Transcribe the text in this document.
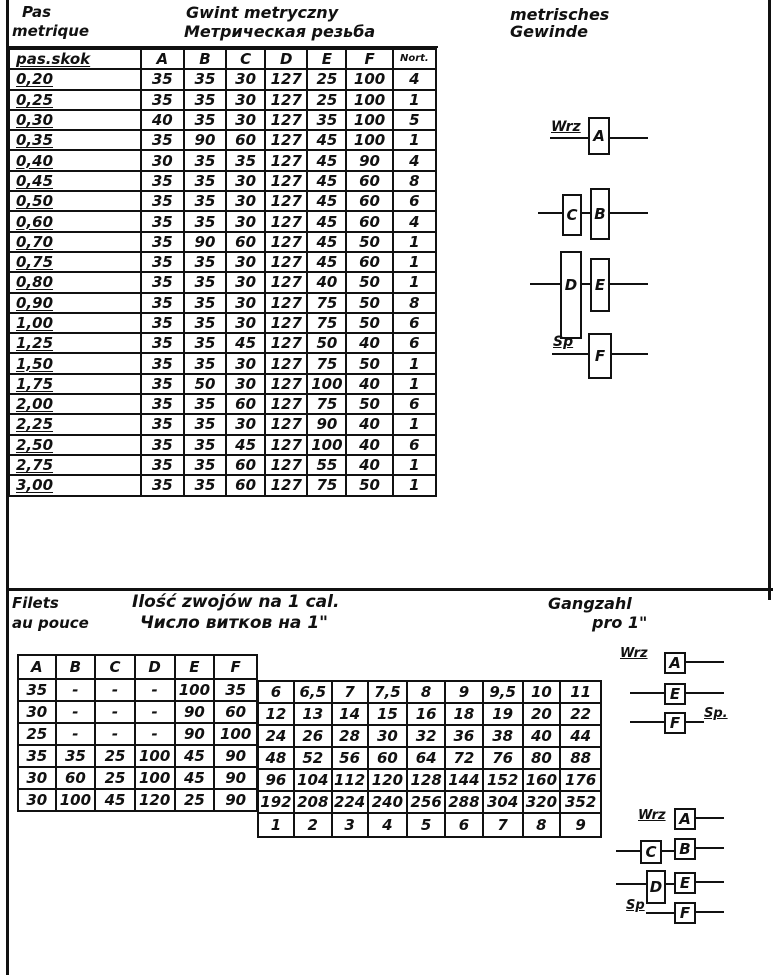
Pas
metrique
Gwint metryczny
Метрическая резьба
metrisches
Gewinde
pas.skok	A	B	C	D	E	F	Nort.
0,20	35	35	30	127	25	100	4
0,25	35	35	30	127	25	100	1
0,30	40	35	30	127	35	100	5
0,35	35	90	60	127	45	100	1
0,40	30	35	35	127	45	90	4
0,45	35	35	30	127	45	60	8
0,50	35	35	30	127	45	60	6
0,60	35	35	30	127	45	60	4
0,70	35	90	60	127	45	50	1
0,75	35	35	30	127	45	60	1
0,80	35	35	30	127	40	50	1
0,90	35	35	30	127	75	50	8
1,00	35	35	30	127	75	50	6
1,25	35	35	45	127	50	40	6
1,50	35	35	30	127	75	50	1
1,75	35	50	30	127	100	40	1
2,00	35	35	60	127	75	50	6
2,25	35	35	30	127	90	40	1
2,50	35	35	45	127	100	40	6
2,75	35	35	60	127	55	40	1
3,00	35	35	60	127	75	50	1
Wrz A
C	B
D	E
Sp
F
Filets
au pouce
Ilość zwojów na 1 cal.
Число витков на 1"
Gangzahl
pro 1"
A	B	C	D	E	F
35	-	-	-	100	35
30	-	-	-	90	60
25	-	-	-	90	100
35	35	25	100	45	90
30	60	25	100	45	90
30	100	45	120	25	90
6	6,5	7	7,5	8	9	9,5	10	11
12	13	14	15	16	18	19	20	22
24	26	28	30	32	36	38	40	44
48	52	56	60	64	72	76	80	88
96	104	112	120	128	144	152	160	176
192	208	224	240	256	288	304	320	352
1	2	3	4	5	6	7	8	9
Wrz
A
E
F
Sp.
Wrz A
C	B
D	E
Sp	F
